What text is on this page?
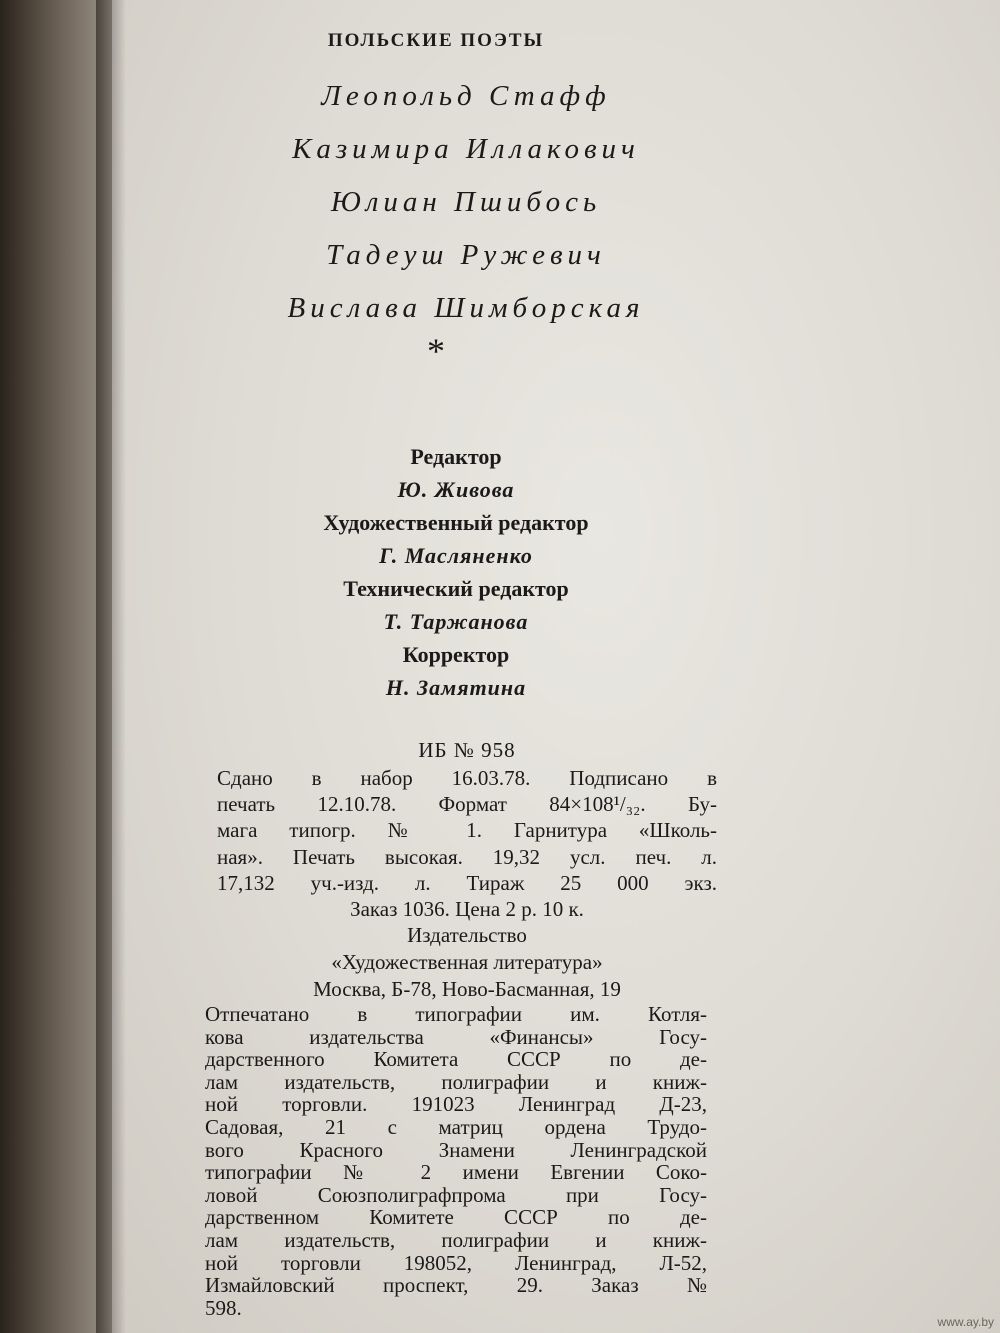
ПОЛЬСКИЕ ПОЭТЫ
Леопольд Стафф
Казимира Иллакович
Юлиан Пшибось
Тадеуш Ружевич
Вислава Шимборская
*
Редактор
Ю. Живова
Художественный редактор
Г. Масляненко
Технический редактор
Т. Таржанова
Корректор
Н. Замятина
ИБ № 958
Сдано в набор 16.03.78. Подписано в
печать 12.10.78. Формат 84×108¹/₃₂. Бу-
мага типогр. № 1. Гарнитура «Школь-
ная». Печать высокая. 19,32 усл. печ. л.
17,132 уч.-изд. л. Тираж 25 000 экз.
Заказ 1036. Цена 2 р. 10 к.
Издательство
«Художественная литература»
Москва, Б-78, Ново-Басманная, 19
Отпечатано в типографии им. Котля-
кова издательства «Финансы» Госу-
дарственного Комитета СССР по де-
лам издательств, полиграфии и книж-
ной торговли. 191023 Ленинград Д-23,
Садовая, 21 с матриц ордена Трудо-
вого Красного Знамени Ленинградской
типографии № 2 имени Евгении Соко-
ловой Союзполиграфпрома при Госу-
дарственном Комитете СССР по де-
лам издательств, полиграфии и книж-
ной торговли 198052, Ленинград, Л-52,
Измайловский проспект, 29. Заказ №
598.
www.ay.by
